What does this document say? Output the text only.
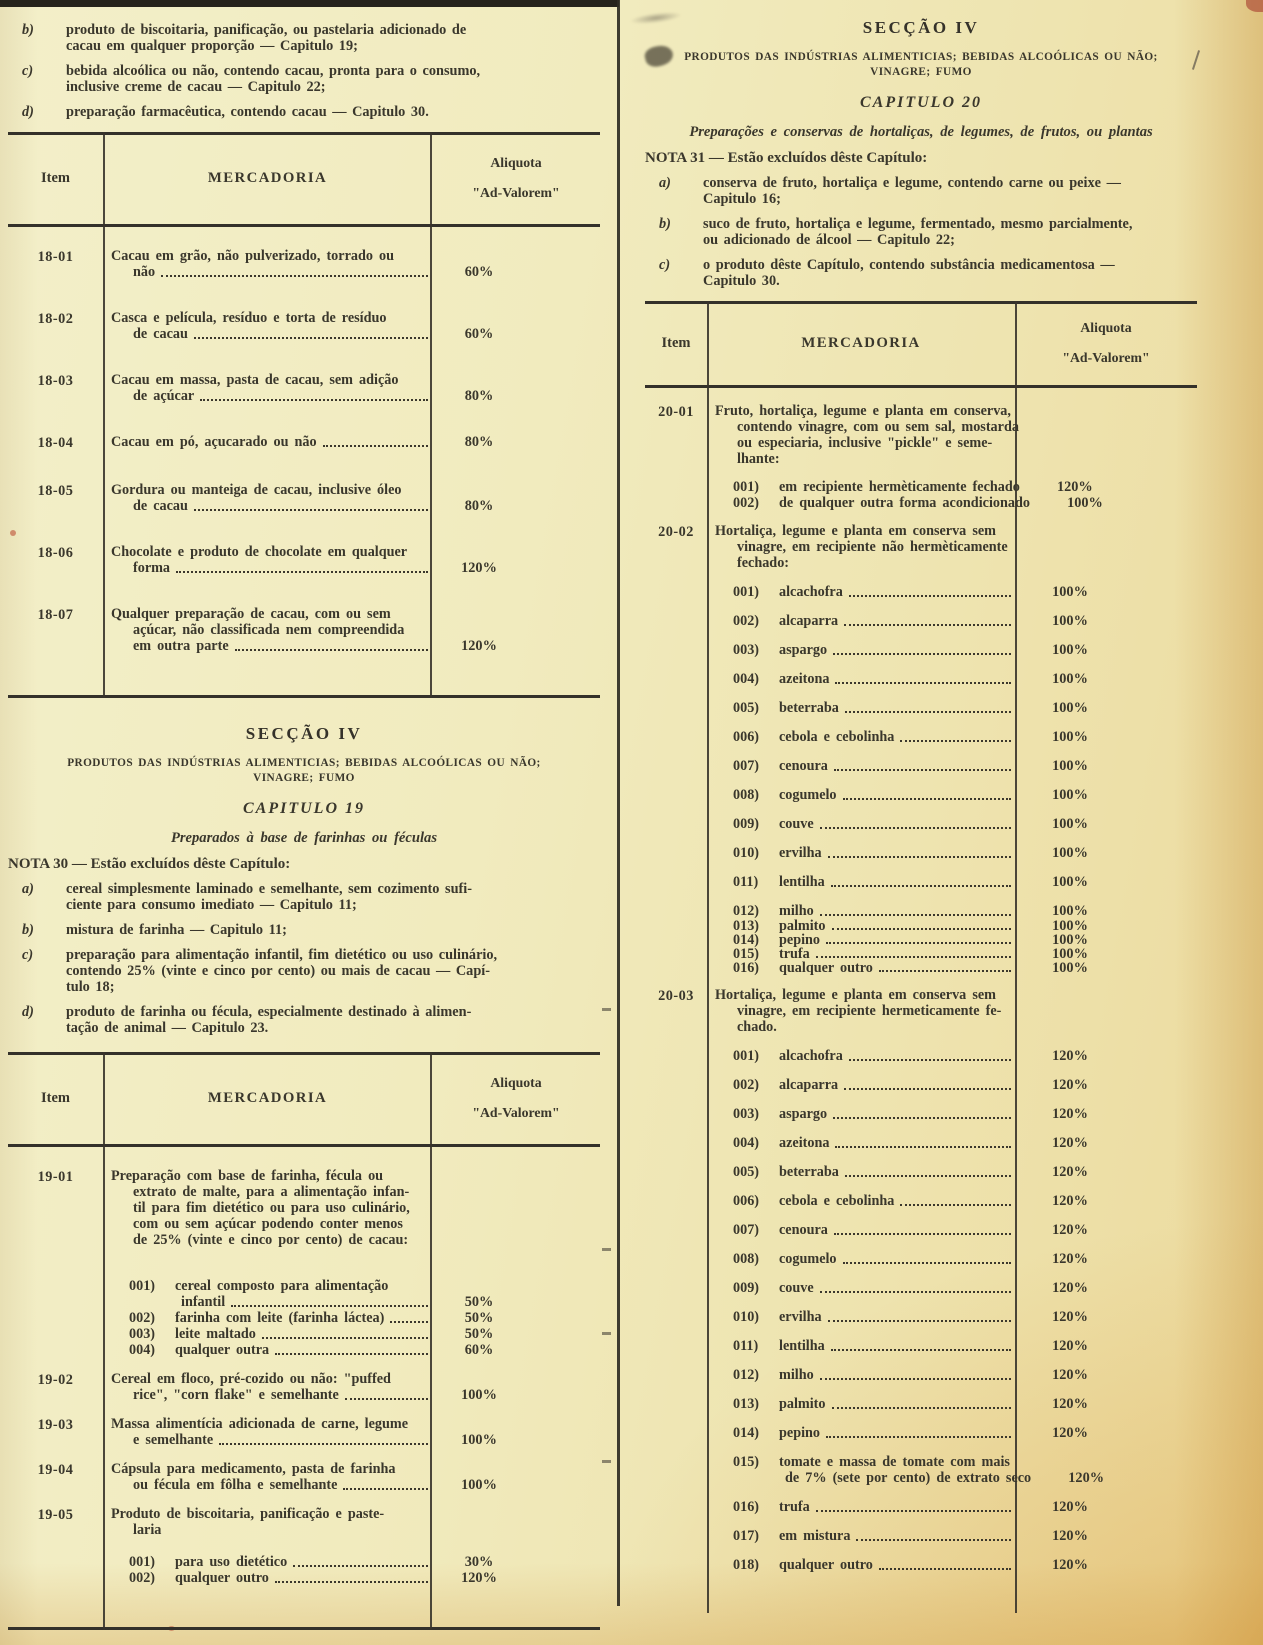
b)	produto de biscoitaria, panificação, ou pastelaria adicionado de
cacau em qualquer proporção — Capitulo 19;
c)	bebida alcoólica ou não, contendo cacau, pronta para o consumo,
inclusive creme de cacau — Capitulo 22;
d)	preparação farmacêutica, contendo cacau — Capitulo 30.
Item	MERCADORIA
Aliquota
"Ad-Valorem"
18-01	Cacau em grão, não pulverizado, torrado ou
não	60%
18-02	Casca e película, resíduo e torta de resíduo
de cacau	60%
18-03	Cacau em massa, pasta de cacau, sem adição
de açúcar	80%
18-04	Cacau em pó, açucarado ou não	80%
18-05	Gordura ou manteiga de cacau, inclusive óleo
de cacau	80%
18-06	Chocolate e produto de chocolate em qualquer
forma	120%
18-07	Qualquer preparação de cacau, com ou sem
açúcar, não classificada nem compreendida
em outra parte	120%
SECÇÃO IV
PRODUTOS DAS INDÚSTRIAS ALIMENTICIAS; BEBIDAS ALCOÓLICAS OU NÃO;
VINAGRE; FUMO
CAPITULO 19
Preparados à base de farinhas ou féculas
NOTA 30 — Estão excluídos dêste Capítulo:
a)	cereal simplesmente laminado e semelhante, sem cozimento sufi-
ciente para consumo imediato — Capitulo 11;
b)	mistura de farinha — Capitulo 11;
c)	preparação para alimentação infantil, fim dietético ou uso culinário,
contendo 25% (vinte e cinco por cento) ou mais de cacau — Capí-
tulo 18;
d)	produto de farinha ou fécula, especialmente destinado à alimen-
tação de animal — Capitulo 23.
Item	MERCADORIA
Aliquota
"Ad-Valorem"
19-01	Preparação com base de farinha, fécula ou
extrato de malte, para a alimentação infan-
til para fim dietético ou para uso culinário,
com ou sem açúcar podendo conter menos
de 25% (vinte e cinco por cento) de cacau:
001)	cereal composto para alimentação
infantil	50%
002)	farinha com leite (farinha láctea)	50%
003)	leite maltado	50%
004)	qualquer outra	60%
19-02	Cereal em floco, pré-cozido ou não: "puffed
rice", "corn flake" e semelhante	100%
19-03	Massa alimentícia adicionada de carne, legume
e semelhante	100%
19-04	Cápsula para medicamento, pasta de farinha
ou fécula em fôlha e semelhante	100%
19-05	Produto de biscoitaria, panificação e paste-
laria
001)	para uso dietético	30%
002)	qualquer outro	120%
SECÇÃO IV
PRODUTOS DAS INDÚSTRIAS ALIMENTICIAS; BEBIDAS ALCOÓLICAS OU NÃO;
VINAGRE; FUMO
CAPITULO 20
Preparações e conservas de hortaliças, de legumes, de frutos, ou plantas
NOTA 31 — Estão excluídos dêste Capítulo:
a)	conserva de fruto, hortaliça e legume, contendo carne ou peixe —
Capitulo 16;
b)	suco de fruto, hortaliça e legume, fermentado, mesmo parcialmente,
ou adicionado de álcool — Capitulo 22;
c)	o produto dêste Capítulo, contendo substância medicamentosa —
Capitulo 30.
Item	MERCADORIA
Aliquota
"Ad-Valorem"
20-01	Fruto, hortaliça, legume e planta em conserva,
contendo vinagre, com ou sem sal, mostarda
ou especiaria, inclusive "pickle" e seme-
lhante:
001)	em recipiente hermèticamente fechado	120%
002)	de qualquer outra forma acondicionado	100%
20-02	Hortaliça, legume e planta em conserva sem
vinagre, em recipiente não hermèticamente
fechado:
001)	alcachofra	100%
002)	alcaparra	100%
003)	aspargo	100%
004)	azeitona	100%
005)	beterraba	100%
006)	cebola e cebolinha	100%
007)	cenoura	100%
008)	cogumelo	100%
009)	couve	100%
010)	ervilha	100%
011)	lentilha	100%
012)	milho	100%
013)	palmito	100%
014)	pepino	100%
015)	trufa	100%
016)	qualquer outro	100%
20-03	Hortaliça, legume e planta em conserva sem
vinagre, em recipiente hermeticamente fe-
chado.
001)	alcachofra	120%
002)	alcaparra	120%
003)	aspargo	120%
004)	azeitona	120%
005)	beterraba	120%
006)	cebola e cebolinha	120%
007)	cenoura	120%
008)	cogumelo	120%
009)	couve	120%
010)	ervilha	120%
011)	lentilha	120%
012)	milho	120%
013)	palmito	120%
014)	pepino	120%
015)	tomate e massa de tomate com mais
de 7% (sete por cento) de extrato seco	120%
016)	trufa	120%
017)	em mistura	120%
018)	qualquer outro	120%
